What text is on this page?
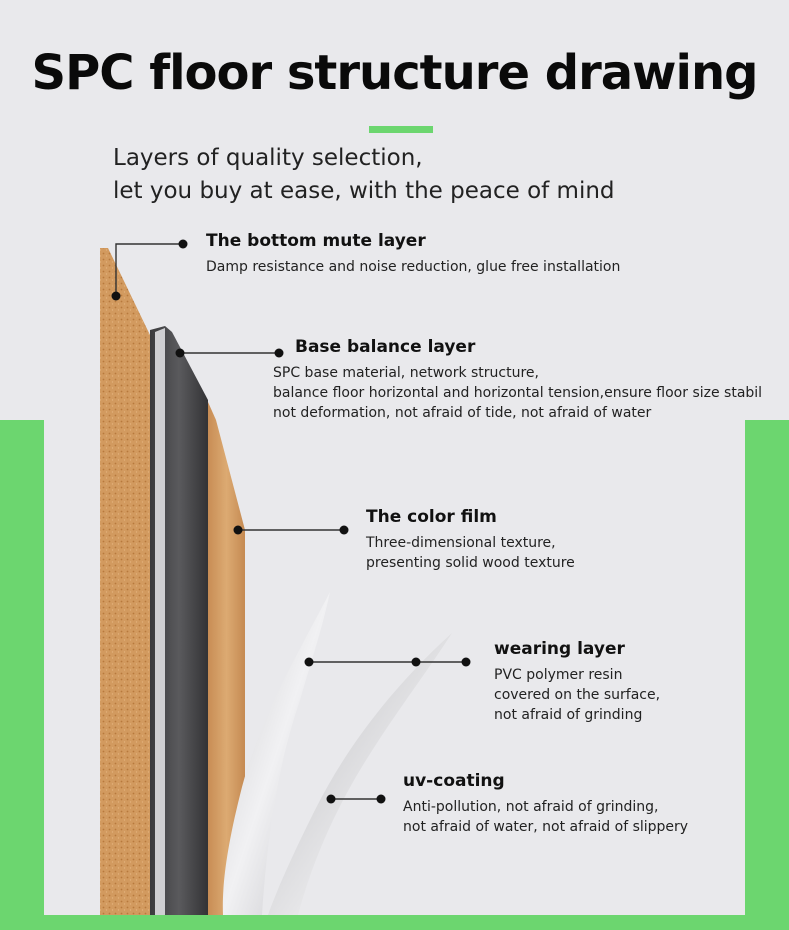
SPC floor structure drawing
Layers of quality selection,
let you buy at ease, with the peace of mind
The bottom mute layer
Damp resistance and noise reduction, glue free installation
Base balance layer
SPC base material, network structure,
balance floor horizontal and horizontal tension,ensure floor size stabil
not deformation, not afraid of tide, not afraid of water
The color film
Three-dimensional texture,
presenting solid wood texture
wearing layer
PVC polymer resin
covered on the surface,
not afraid of grinding
uv-coating
Anti-pollution, not afraid of grinding,
not afraid of water, not afraid of slippery
